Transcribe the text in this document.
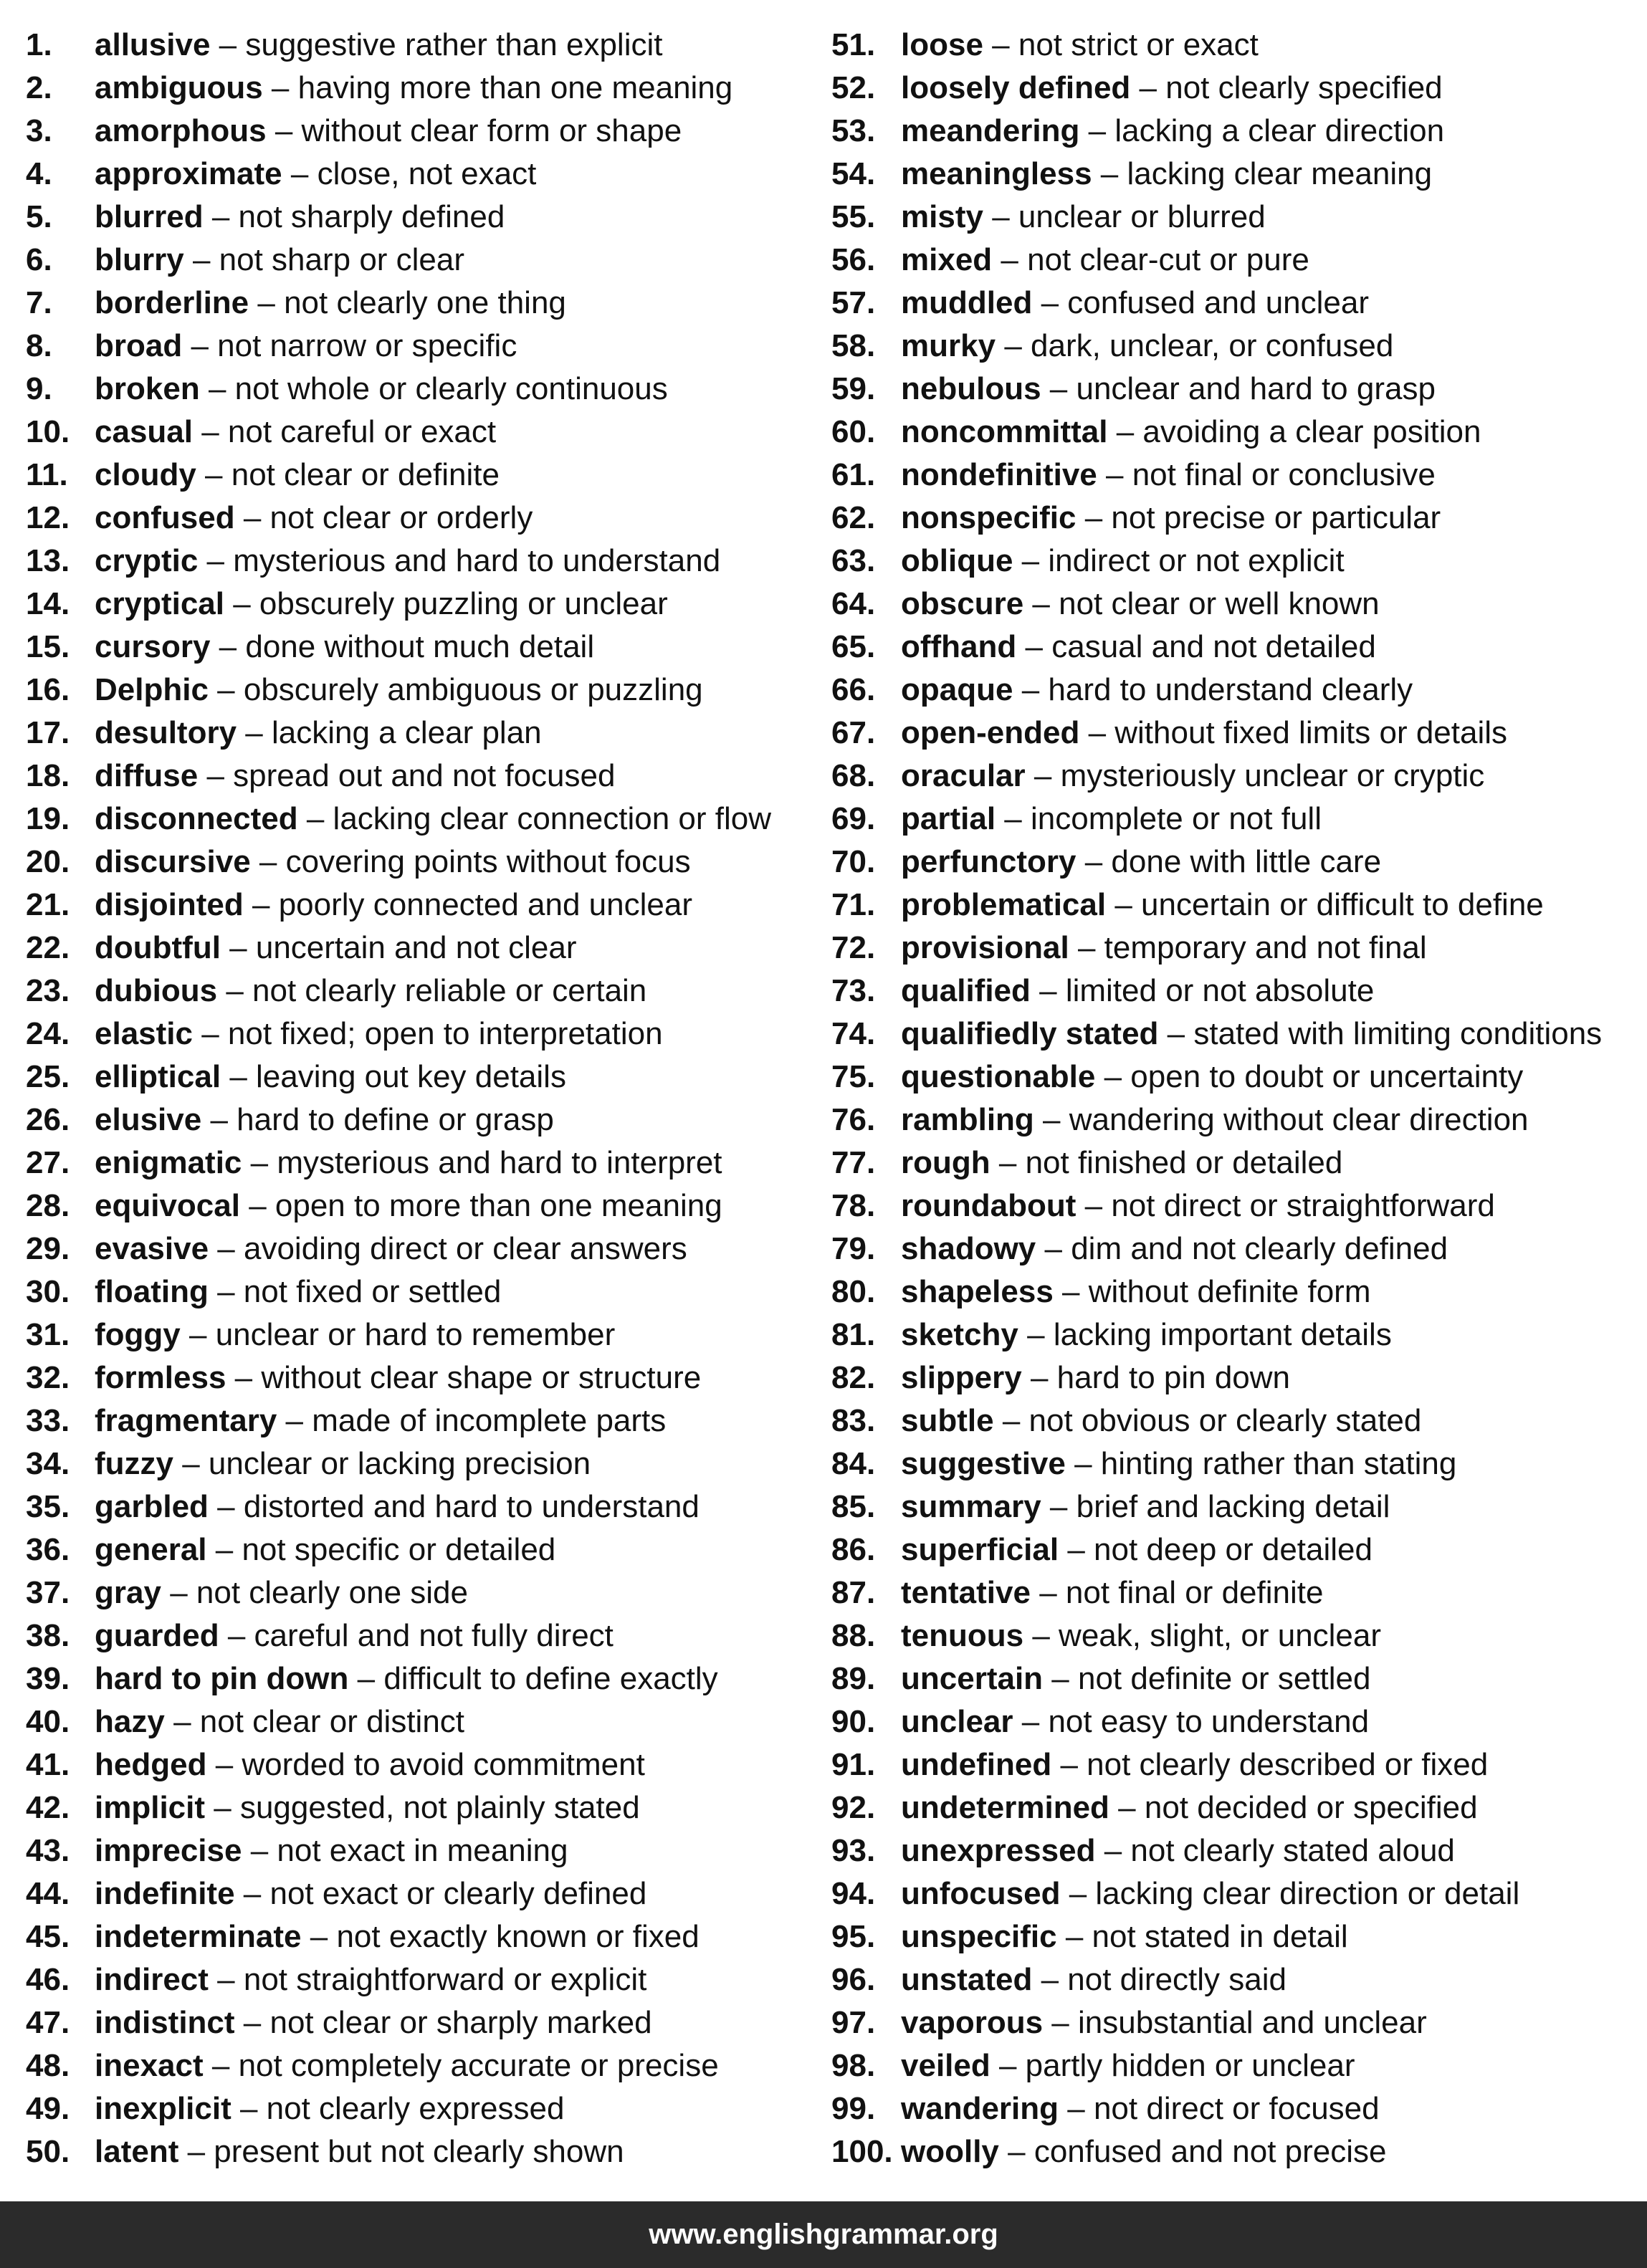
1.	allusive – suggestive rather than explicit
2.	ambiguous – having more than one meaning
3.	amorphous – without clear form or shape
4.	approximate – close, not exact
5.	blurred – not sharply defined
6.	blurry – not sharp or clear
7.	borderline – not clearly one thing
8.	broad – not narrow or specific
9.	broken – not whole or clearly continuous
10. casual – not careful or exact
11. cloudy – not clear or definite
12. confused – not clear or orderly
13. cryptic – mysterious and hard to understand
14. cryptical – obscurely puzzling or unclear
15. cursory – done without much detail
16. Delphic – obscurely ambiguous or puzzling
17. desultory – lacking a clear plan
18. diffuse – spread out and not focused
19. disconnected – lacking clear connection or flow
20. discursive – covering points without focus
21. disjointed – poorly connected and unclear
22. doubtful – uncertain and not clear
23. dubious – not clearly reliable or certain
24. elastic – not fixed; open to interpretation
25. elliptical – leaving out key details
26. elusive – hard to define or grasp
27. enigmatic – mysterious and hard to interpret
28. equivocal – open to more than one meaning
29. evasive – avoiding direct or clear answers
30. floating – not fixed or settled
31. foggy – unclear or hard to remember
32. formless – without clear shape or structure
33. fragmentary – made of incomplete parts
34. fuzzy – unclear or lacking precision
35. garbled – distorted and hard to understand
36. general – not specific or detailed
37. gray – not clearly one side
38. guarded – careful and not fully direct
39. hard to pin down – difficult to define exactly
40. hazy – not clear or distinct
41. hedged – worded to avoid commitment
42. implicit – suggested, not plainly stated
43. imprecise – not exact in meaning
44. indefinite – not exact or clearly defined
45. indeterminate – not exactly known or fixed
46. indirect – not straightforward or explicit
47. indistinct – not clear or sharply marked
48. inexact – not completely accurate or precise
49. inexplicit – not clearly expressed
50. latent – present but not clearly shown
51. loose – not strict or exact
52. loosely defined – not clearly specified
53. meandering – lacking a clear direction
54. meaningless – lacking clear meaning
55. misty – unclear or blurred
56. mixed – not clear-cut or pure
57. muddled – confused and unclear
58. murky – dark, unclear, or confused
59. nebulous – unclear and hard to grasp
60. noncommittal – avoiding a clear position
61. nondefinitive – not final or conclusive
62. nonspecific – not precise or particular
63. oblique – indirect or not explicit
64. obscure – not clear or well known
65. offhand – casual and not detailed
66. opaque – hard to understand clearly
67. open-ended – without fixed limits or details
68. oracular – mysteriously unclear or cryptic
69. partial – incomplete or not full
70. perfunctory – done with little care
71. problematical – uncertain or difficult to define
72. provisional – temporary and not final
73. qualified – limited or not absolute
74. qualifiedly stated – stated with limiting conditions
75. questionable – open to doubt or uncertainty
76. rambling – wandering without clear direction
77. rough – not finished or detailed
78. roundabout – not direct or straightforward
79. shadowy – dim and not clearly defined
80. shapeless – without definite form
81. sketchy – lacking important details
82. slippery – hard to pin down
83. subtle – not obvious or clearly stated
84. suggestive – hinting rather than stating
85. summary – brief and lacking detail
86. superficial – not deep or detailed
87. tentative – not final or definite
88. tenuous – weak, slight, or unclear
89. uncertain – not definite or settled
90. unclear – not easy to understand
91. undefined – not clearly described or fixed
92. undetermined – not decided or specified
93. unexpressed – not clearly stated aloud
94. unfocused – lacking clear direction or detail
95. unspecific – not stated in detail
96. unstated – not directly said
97. vaporous – insubstantial and unclear
98. veiled – partly hidden or unclear
99. wandering – not direct or focused
100. woolly – confused and not precise
www.englishgrammar.org
